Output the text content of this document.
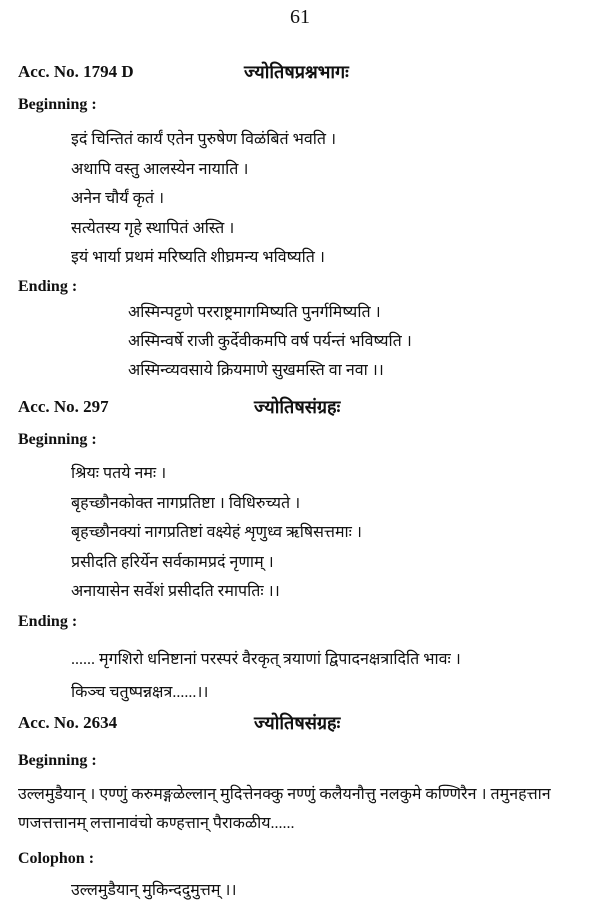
61
Acc. No. 1794 D	ज्योतिषप्रश्नभागः
Beginning :
इदं चिन्तितं कार्यं एतेन पुरुषेण विळंबितं भवति ।
अथापि वस्तु आलस्येन नायाति ।
अनेन चौर्यं कृतं ।
सत्येतस्य गृहे स्थापितं अस्ति ।
इयं भार्या प्रथमं मरिष्यति शीघ्रमन्य भविष्यति ।
Ending :
अस्मिन्पट्टणे परराष्ट्रमागमिष्यति पुनर्गमिष्यति ।
अस्मिन्वर्षे राजी कुर्देवीकमपि वर्ष पर्यन्तं भविष्यति ।
अस्मिन्व्यवसाये क्रियमाणे सुखमस्ति वा नवा ।।
Acc. No. 297	ज्योतिषसंग्रहः
Beginning :
श्रियः पतये नमः ।
बृहच्छौनकोक्त नागप्रतिष्टा । विधिरुच्यते ।
बृहच्छौनक्यां नागप्रतिष्टां वक्ष्येहं शृणुध्व ऋषिसत्तमाः ।
प्रसीदति हरिर्येन सर्वकामप्रदं नृणाम् ।
अनायासेन सर्वेशं प्रसीदति रमापतिः ।।
Ending :
...... मृगशिरो धनिष्टानां परस्परं वैरकृत् त्रयाणां द्विपादनक्षत्रादिति भावः ।
किञ्च चतुष्पन्नक्षत्र......।।
Acc. No. 2634	ज्योतिषसंग्रहः
Beginning :
उल्लमुडैयान् । एण्णुं करुमङ्गळेल्लान् मुदित्तेनक्कु नण्णुं कलैयनौत्तु नलकुमे कण्णिरैन । तमुनहत्तान णजत्तत्तानम् लत्तानावंचो कण्हत्तान् पैराकळीय......
Colophon :
उल्लमुडैयान् मुकिन्ददुमुत्तम् ।।
